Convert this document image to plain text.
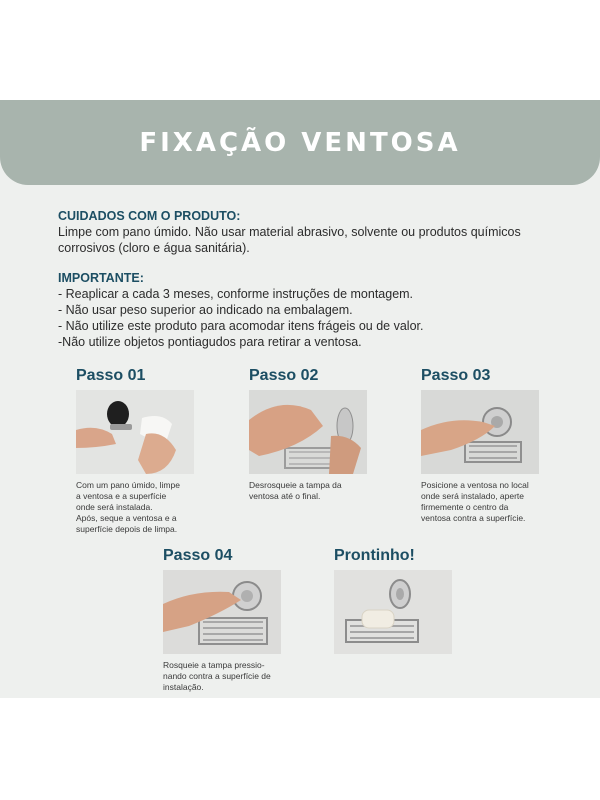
FIXAÇÃO VENTOSA
CUIDADOS COM O PRODUTO:

Limpe com pano úmido. Não usar material abrasivo, solvente ou produtos químicos

corrosivos (cloro e água sanitária).

IMPORTANTE:

- Reaplicar a cada 3 meses, conforme instruções de montagem.

- Não usar peso superior ao indicado na embalagem.

- Não utilize este produto para acomodar itens frágeis ou de valor.

-Não utilize objetos pontiagudos para retirar a ventosa.

Passo 01
Com um pano úmido, limpe
a ventosa e a superfície
onde será instalada.
Após, seque a ventosa e a
superfície depois de limpa.
Passo 02
Desrosqueie a tampa da
ventosa até o final.
Passo 03
Posicione a ventosa no local
onde será instalado, aperte
firmemente o centro da
ventosa contra a superfície.
Passo 04
Rosqueie a tampa pressio-
nando contra a superfície de
instalação.
Prontinho!
